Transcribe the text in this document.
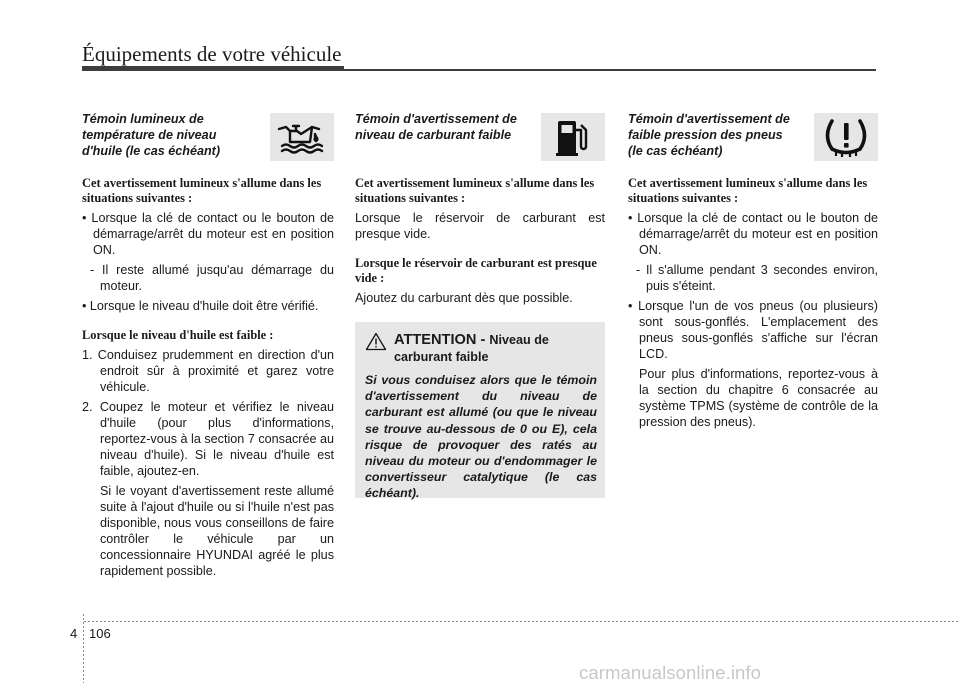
Équipements de votre véhicule
Témoin lumineux de température de niveau d'huile (le cas échéant)

Cet avertissement lumineux s'allume dans les situations suivantes :

• Lorsque la clé de contact ou le bouton de démarrage/arrêt du moteur est en position ON.

- Il reste allumé jusqu'au démarrage du moteur.

• Lorsque le niveau d'huile doit être vérifié.

Lorsque le niveau d'huile est faible :

1. Conduisez prudemment en direction d'un endroit sûr à proximité et garez votre véhicule.

2. Coupez le moteur et vérifiez le niveau d'huile (pour plus d'informations, reportez-vous à la section 7 consacrée au niveau d'huile). Si le niveau d'huile est faible, ajoutez-en.

Si le voyant d'avertissement reste allumé suite à l'ajout d'huile ou si l'huile n'est pas disponible, nous vous conseillons de faire contrôler le véhicule par un concessionnaire HYUNDAI agréé le plus rapidement possible.

Témoin d'avertissement de niveau de carburant faible

Cet avertissement lumineux s'allume dans les situations suivantes :

Lorsque le réservoir de carburant est presque vide.

Lorsque le réservoir de carburant est presque vide :

Ajoutez du carburant dès que possible.

ATTENTION - Niveau de carburant faible
Si vous conduisez alors que le témoin d'avertissement du niveau de carburant est allumé (ou que le niveau se trouve au-dessous de 0 ou E), cela risque de provoquer des ratés au niveau du moteur ou d'endommager le convertisseur catalytique (le cas échéant).
Témoin d'avertissement de faible pression des pneus (le cas échéant)

Cet avertissement lumineux s'allume dans les situations suivantes :

• Lorsque la clé de contact ou le bouton de démarrage/arrêt du moteur est en position ON.

- Il s'allume pendant 3 secondes environ, puis s'éteint.

• Lorsque l'un de vos pneus (ou plusieurs) sont sous-gonflés. L'emplacement des pneus sous-gonflés s'affiche sur l'écran LCD.

Pour plus d'informations, reportez-vous à la section du chapitre 6 consacrée au système TPMS (système de contrôle de la pression des pneus).

4 106
carmanualsonline.info
